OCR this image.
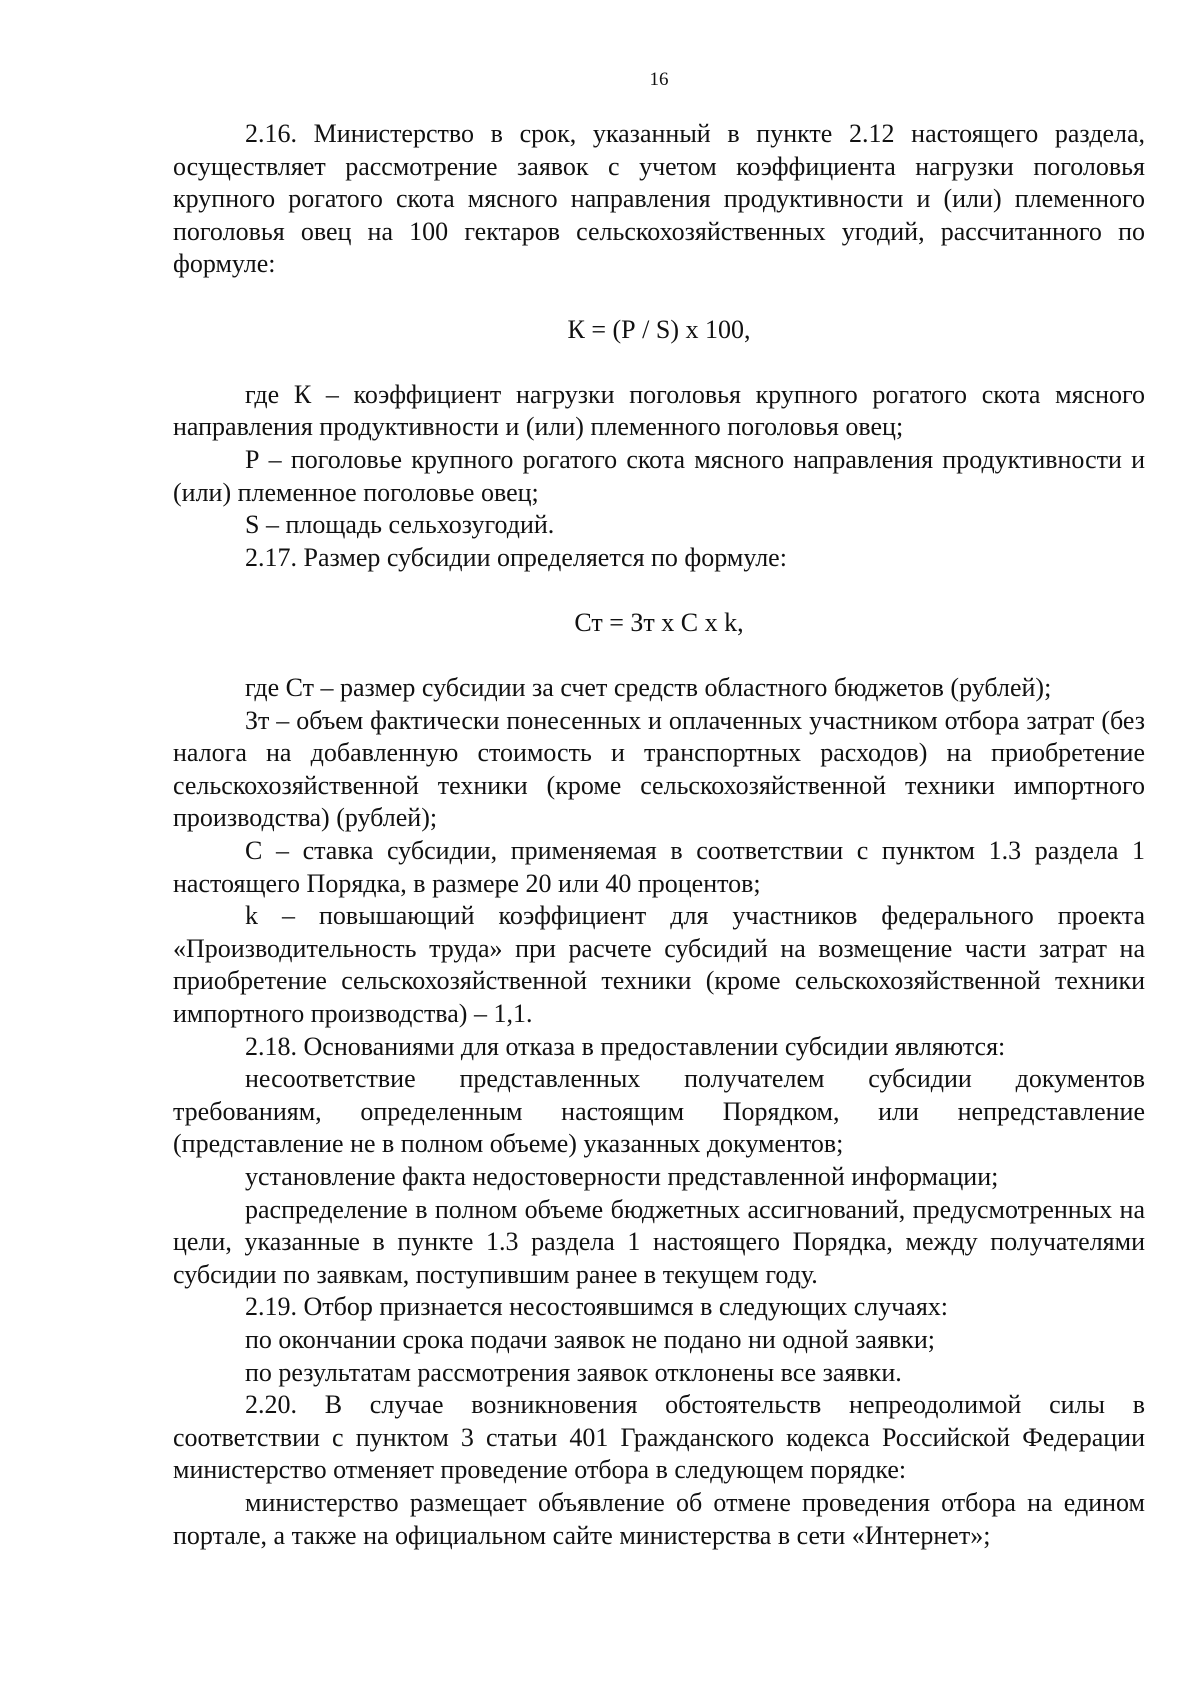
16

2.16. Министерство в срок, указанный в пункте 2.12 настоящего раздела, осуществляет рассмотрение заявок с учетом коэффициента нагрузки поголовья крупного рогатого скота мясного направления продуктивности и (или) племенного поголовья овец на 100 гектаров сельскохозяйственных угодий, рассчитанного по формуле:

К = (Р / S) х 100,

где К – коэффициент нагрузки поголовья крупного рогатого скота мясного направления продуктивности и (или) племенного поголовья овец;

Р – поголовье крупного рогатого скота мясного направления продуктивности и (или) племенное поголовье овец;

S – площадь сельхозугодий.

2.17. Размер субсидии определяется по формуле:

Ст = Зт х С х k,

где Ст – размер субсидии за счет средств областного бюджетов (рублей);

Зт – объем фактически понесенных и оплаченных участником отбора затрат (без налога на добавленную стоимость и транспортных расходов) на приобретение сельскохозяйственной техники (кроме сельскохозяйственной техники импортного производства) (рублей);

С – ставка субсидии, применяемая в соответствии с пунктом 1.3 раздела 1 настоящего Порядка, в размере 20 или 40 процентов;

k – повышающий коэффициент для участников федерального проекта «Производительность труда» при расчете субсидий на возмещение части затрат на приобретение сельскохозяйственной техники (кроме сельскохозяйственной техники импортного производства) – 1,1.

2.18. Основаниями для отказа в предоставлении субсидии являются:

несоответствие представленных получателем субсидии документов требованиям, определенным настоящим Порядком, или непредставление (представление не в полном объеме) указанных документов;

установление факта недостоверности представленной информации;

распределение в полном объеме бюджетных ассигнований, предусмотренных на цели, указанные в пункте 1.3 раздела 1 настоящего Порядка, между получателями субсидии по заявкам, поступившим ранее в текущем году.

2.19. Отбор признается несостоявшимся в следующих случаях:

по окончании срока подачи заявок не подано ни одной заявки;

по результатам рассмотрения заявок отклонены все заявки.

2.20. В случае возникновения обстоятельств непреодолимой силы в соответствии с пунктом 3 статьи 401 Гражданского кодекса Российской Федерации министерство отменяет проведение отбора в следующем порядке:

министерство размещает объявление об отмене проведения отбора на едином портале, а также на официальном сайте министерства в сети «Интернет»;
